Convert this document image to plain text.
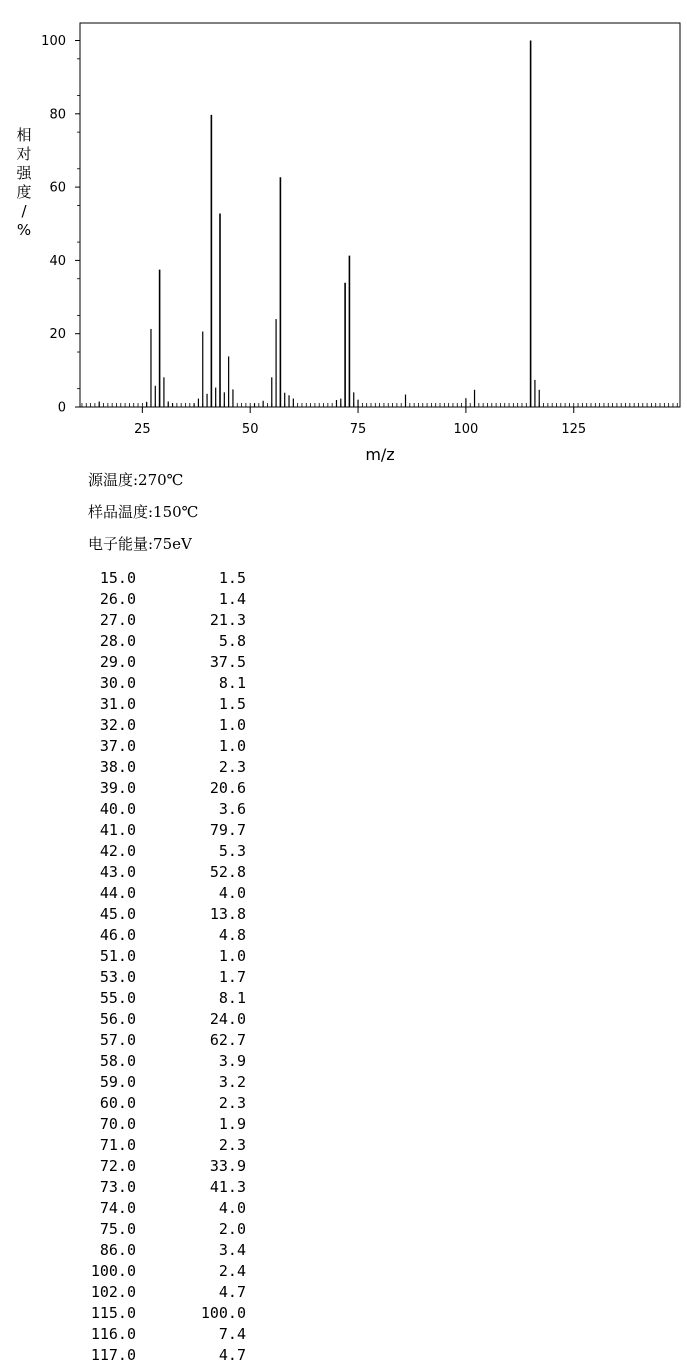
0
20
40
60
80
100
25	50	75	100	125
m/z
相对强度/ %
源温度:270℃
样品温度:150℃
电子能量:75eV
15.0	1.5
26.0	1.4
27.0	21.3
28.0	5.8
29.0	37.5
30.0	8.1
31.0	1.5
32.0	1.0
37.0	1.0
38.0	2.3
39.0	20.6
40.0	3.6
41.0	79.7
42.0	5.3
43.0	52.8
44.0	4.0
45.0	13.8
46.0	4.8
51.0	1.0
53.0	1.7
55.0	8.1
56.0	24.0
57.0	62.7
58.0	3.9
59.0	3.2
60.0	2.3
70.0	1.9
71.0	2.3
72.0	33.9
73.0	41.3
74.0	4.0
75.0	2.0
86.0	3.4
100.0	2.4
102.0	4.7
115.0	100.0
116.0	7.4
117.0	4.7
